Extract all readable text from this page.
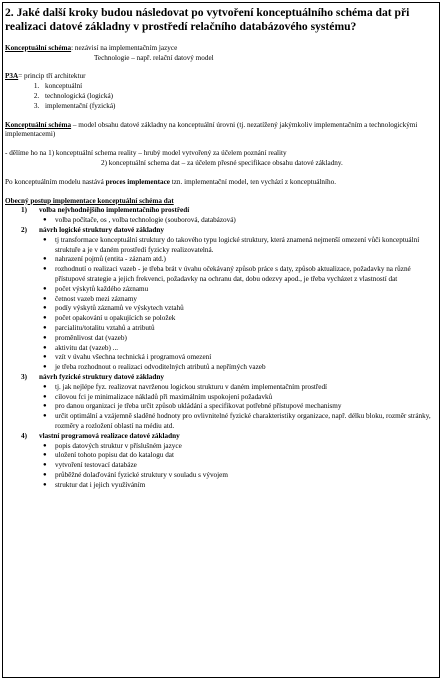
2. Jaké další kroky budou následovat po vytvoření konceptuálního schéma dat při realizaci datové základny v prostředí relačního databázového systému?
Konceptuální schéma: nezávisí na implementačním jazyce
Technologie – např. relační datový model
P3A= princip tří architektur
1. konceptuální
2. technologická (logická)
3. implementační (fyzická)
Konceptuální schéma – model obsahu datové základny na konceptuální úrovni (tj. nezatížený jakýmkoliv implementačním a technologickými implementacemi)
- dělíme ho na 1) konceptuální schema reality – hrubý model vytvořený za účelem poznání reality
2) konceptuální schema dat – za účelem přesné specifikace obsahu datové základny.
Po konceptuálním modelu nastává proces implementace tzn. implementační model, ten vychází z konceptuálního.
Obecný postup implementace konceptuální schéma dat
1)	volba nejvhodnějšího implementačního prostředí
● volba počítače, os , volba technologie (souborová, databázová)
2)	návrh logické struktury datové základny
● tj transformace konceptuální struktury do takového typu logické struktury, která znamená nejmenší omezení vůči konceptuální struktuře a je v daném prostředí fyzicky realizovatelná.
● nahrazení pojmů (entita - záznam atd.)
● rozhodnutí o realizaci vazeb - je třeba brát v úvahu očekávaný způsob práce s daty, způsob aktualizace, požadavky na různé přístupové strategie a jejich frekvenci, požadavky na ochranu dat, dobu odezvy apod., je třeba vycházet z vlastností dat
● počet výskytů každého záznamu
● četnost vazeb mezi záznamy
● podíy výskytů záznamů ve výskytech vztahů
● počet opakování u opakujících se položek
● parcialitu/totalitu vztahů a atributů
● proměnlivost dat (vazeb)
● aktivitu dat (vazeb) ...
● vzít v úvahu všechna technická i programová omezení
● je třeba rozhodnout o realizaci odvoditelných atributů a nepřímých vazeb
3)	návrh fyzické struktury datové základny
● tj. jak nejlépe fyz. realizovat navrženou logickou strukturu v daném implementačním prostředí
● cílovou fci je minimalizace nákladů při maximálním uspokojení požadavků
● pro danou organizaci je třeba určit způsob ukládání a specifikovat potřebné přístupové mechanismy
● určit optimální a vzájemně sladěné hodnoty pro ovlivnitelné fyzické charakteristiky organizace, např. délku bloku, rozměr stránky, rozměry a rozložení oblastí na médiu atd.
4)	vlastní programová realizace datové základny
● popis datových struktur v příslušném jazyce
● uložení tohoto popisu dat do katalogu dat
● vytvoření testovací databáze
● průběžné dolaďování fyzické struktury v souladu s vývojem
● struktur dat i jejich využíváním
